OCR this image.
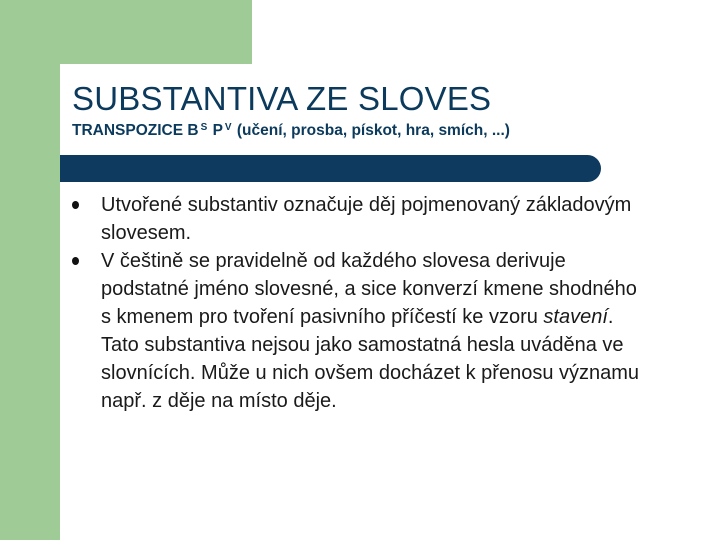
SUBSTANTIVA ZE SLOVES
TRANSPOZICE B $^S$ P $^V$ (učení, prosba, pískot, hra, smích, ...)
Utvořené substantiv označuje děj pojmenovaný základovým slovesem.
V češtině se pravidelně od každého slovesa derivuje podstatné jméno slovesné, a sice konverzí kmene shodného s kmenem pro tvoření pasivního příčestí ke vzoru stavení. Tato substantiva nejsou jako samostatná hesla uváděna ve slovnících. Může u nich ovšem docházet k přenosu významu např. z děje na místo děje.
